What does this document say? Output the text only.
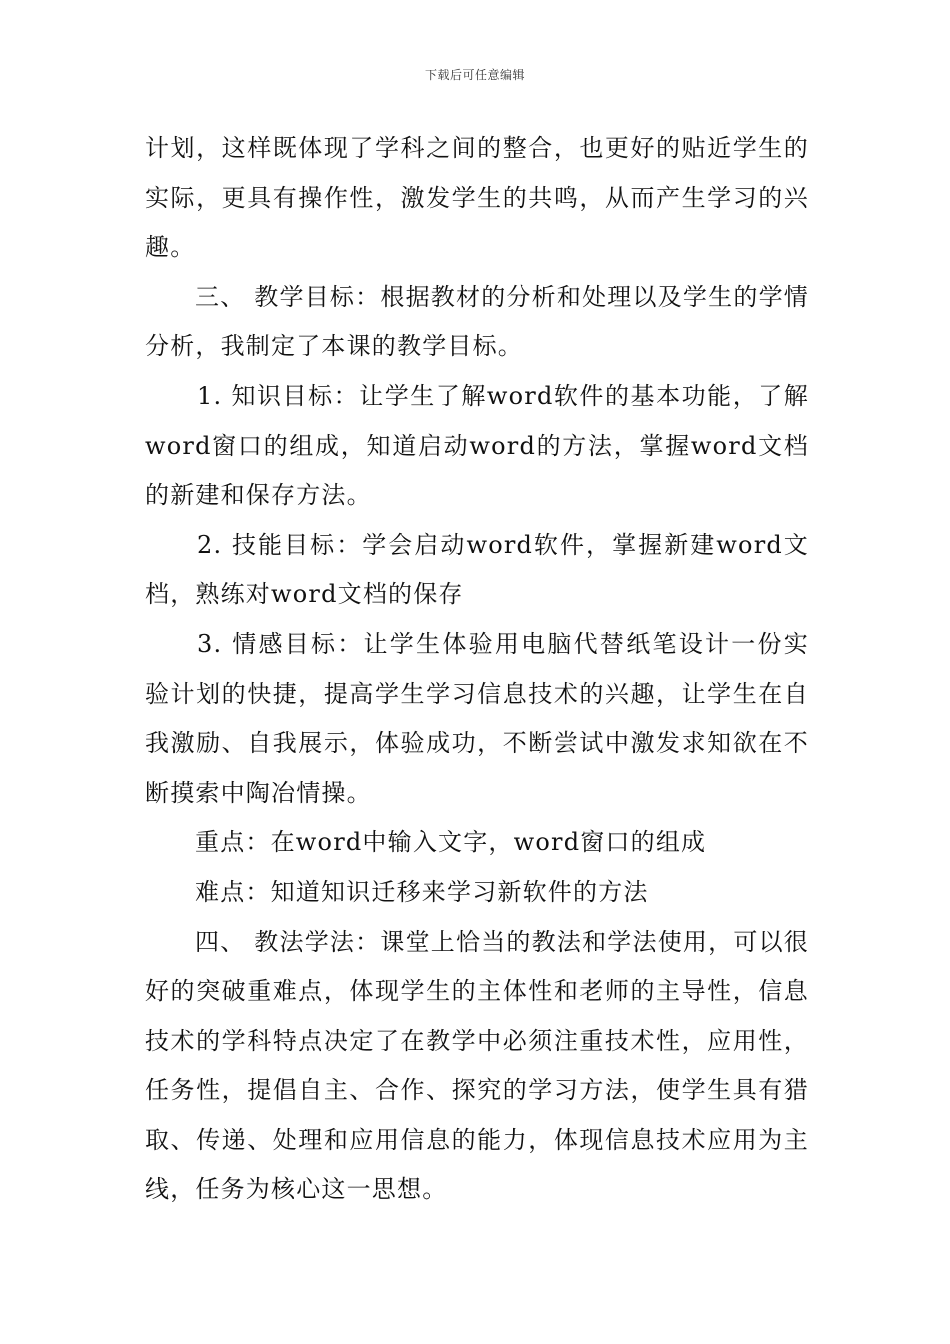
下载后可任意编辑

计划，这样既体现了学科之间的整合，也更好的贴近学生的实际，更具有操作性，激发学生的共鸣，从而产生学习的兴趣。

三、 教学目标：根据教材的分析和处理以及学生的学情分析，我制定了本课的教学目标。

1. 知识目标：让学生了解word软件的基本功能，了解word窗口的组成，知道启动word的方法，掌握word文档的新建和保存方法。

2. 技能目标：学会启动word软件，掌握新建word文档，熟练对word文档的保存

3. 情感目标：让学生体验用电脑代替纸笔设计一份实验计划的快捷，提高学生学习信息技术的兴趣，让学生在自我激励、自我展示，体验成功，不断尝试中激发求知欲在不断摸索中陶冶情操。

重点：在word中输入文字，word窗口的组成

难点：知道知识迁移来学习新软件的方法

四、 教法学法：课堂上恰当的教法和学法使用，可以很好的突破重难点，体现学生的主体性和老师的主导性，信息技术的学科特点决定了在教学中必须注重技术性，应用性，任务性，提倡自主、合作、探究的学习方法，使学生具有猎取、传递、处理和应用信息的能力，体现信息技术应用为主线，任务为核心这一思想。
